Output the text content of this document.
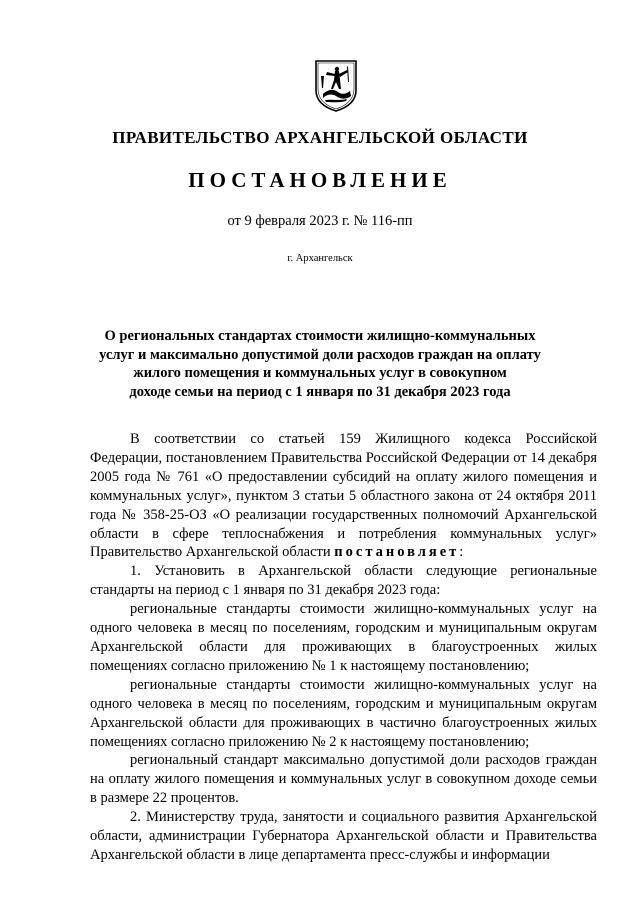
ПРАВИТЕЛЬСТВО АРХАНГЕЛЬСКОЙ ОБЛАСТИ
ПОСТАНОВЛЕНИЕ
от 9 февраля 2023 г. № 116-пп
г. Архангельск
О региональных стандартах стоимости жилищно-коммунальных
услуг и максимально допустимой доли расходов граждан на оплату
жилого помещения и коммунальных услуг в совокупном
доходе семьи на период с 1 января по 31 декабря 2023 года

В соответствии со статьей 159 Жилищного кодекса Российской Федерации, постановлением Правительства Российской Федерации от 14 декабря 2005 года № 761 «О предоставлении субсидий на оплату жилого помещения и коммунальных услуг», пунктом 3 статьи 5 областного закона от 24 октября 2011 года № 358-25-ОЗ «О реализации государственных полномочий Архангельской области в сфере теплоснабжения и потребления коммунальных услуг» Правительство Архангельской области постановляет:

1. Установить в Архангельской области следующие региональные стандарты на период с 1 января по 31 декабря 2023 года:

региональные стандарты стоимости жилищно-коммунальных услуг на одного человека в месяц по поселениям, городским и муниципальным округам Архангельской области для проживающих в благоустроенных жилых помещениях согласно приложению № 1 к настоящему постановлению;

региональные стандарты стоимости жилищно-коммунальных услуг на одного человека в месяц по поселениям, городским и муниципальным округам Архангельской области для проживающих в частично благоустроенных жилых помещениях согласно приложению № 2 к настоящему постановлению;

региональный стандарт максимально допустимой доли расходов граждан на оплату жилого помещения и коммунальных услуг в совокупном доходе семьи в размере 22 процентов.

2. Министерству труда, занятости и социального развития Архангельской области, администрации Губернатора Архангельской области и Правительства Архангельской области в лице департамента пресс-службы и информации
